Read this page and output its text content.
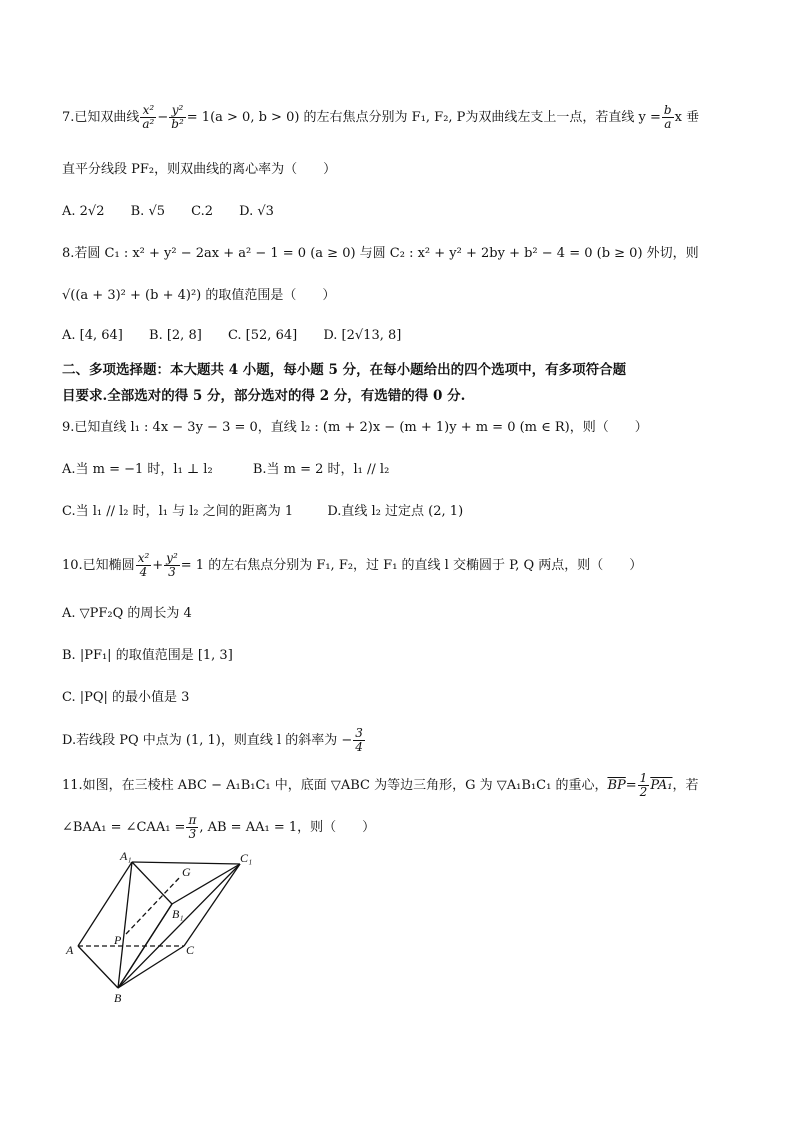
7.已知双曲线 $\frac{\text{x²}}{\text{a²}} - \frac{\text{y²}}{\text{b²}} = 1(a > 0$, b > 0) 的左右焦点分别为 F₁, F₂, P为双曲线左支上一点，若直线 $y = \frac{b}{a}$ x 垂
直平分线段 PF₂，则双曲线的离心率为（　　）
A. 2√2 B. √5 C.2 D. √3
8.若圆 C₁ : x² + y² − 2ax + a² − 1 = 0 (a ≥ 0) 与圆 C₂ : x² + y² + 2by + b² − 4 = 0 (b ≥ 0) 外切，则
√((a + 3)² + (b + 4)²) 的取值范围是（　　）
A. [4, 64] B. [2, 8] C. [52, 64] D. [2√13, 8]
二、多项选择题：本大题共 4 小题，每小题 5 分，在每小题给出的四个选项中，有多项符合题
目要求.全部选对的得 5 分，部分选对的得 2 分，有选错的得 0 分.
9.已知直线 l₁ : 4x − 3y − 3 = 0，直线 l₂ : (m + 2)x − (m + 1)y + m = 0 (m ∈ R)，则（　　）
A.当 m = −1 时，l₁ ⊥ l₂	B.当 m = 2 时，l₁ // l₂
C.当 l₁ // l₂ 时，l₁ 与 l₂ 之间的距离为 1	D.直线 l₂ 过定点 (2, 1)
10.已知椭圆 $\frac{\text{x²}}{4} + \frac{\text{y²}}{3} = 1$ 的左右焦点分别为 F₁, F₂，过 F₁ 的直线 l 交椭圆于 P, Q 两点，则（　　）
A. ▽PF₂Q 的周长为 4
B. |PF₁| 的取值范围是 [1, 3]
C. |PQ| 的最小值是 3
D.若线段 PQ 中点为 (1, 1)，则直线 l 的斜率为 − $\frac{3}{4}$
11.如图，在三棱柱 ABC − A₁B₁C₁ 中，底面 ▽ABC 为等边三角形，G 为 ▽A₁B₁C₁ 的重心，$\overline{BP}= \frac{1}{2} PA_1$，若
∠BAA₁ = ∠CAA₁ = $\frac{\pi}{3}$ , AB = AA₁ = 1，则（　　）
A₁	C₁
G
B₁
P
A	C
B
